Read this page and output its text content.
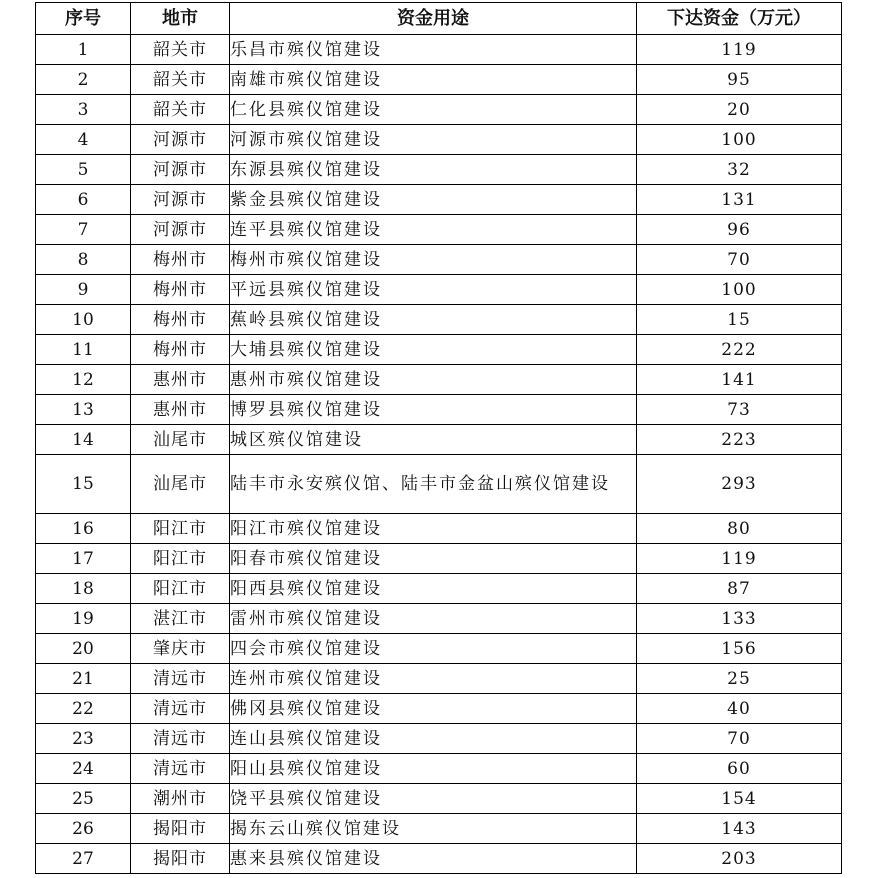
序号	地市	资金用途	下达资金（万元）
1	韶关市	乐昌市殡仪馆建设	119
2	韶关市	南雄市殡仪馆建设	95
3	韶关市	仁化县殡仪馆建设	20
4	河源市	河源市殡仪馆建设	100
5	河源市	东源县殡仪馆建设	32
6	河源市	紫金县殡仪馆建设	131
7	河源市	连平县殡仪馆建设	96
8	梅州市	梅州市殡仪馆建设	70
9	梅州市	平远县殡仪馆建设	100
10	梅州市	蕉岭县殡仪馆建设	15
11	梅州市	大埔县殡仪馆建设	222
12	惠州市	惠州市殡仪馆建设	141
13	惠州市	博罗县殡仪馆建设	73
14	汕尾市	城区殡仪馆建设	223
15	汕尾市	陆丰市永安殡仪馆、陆丰市金盆山殡仪馆建设	293
16	阳江市	阳江市殡仪馆建设	80
17	阳江市	阳春市殡仪馆建设	119
18	阳江市	阳西县殡仪馆建设	87
19	湛江市	雷州市殡仪馆建设	133
20	肇庆市	四会市殡仪馆建设	156
21	清远市	连州市殡仪馆建设	25
22	清远市	佛冈县殡仪馆建设	40
23	清远市	连山县殡仪馆建设	70
24	清远市	阳山县殡仪馆建设	60
25	潮州市	饶平县殡仪馆建设	154
26	揭阳市	揭东云山殡仪馆建设	143
27	揭阳市	惠来县殡仪馆建设	203
